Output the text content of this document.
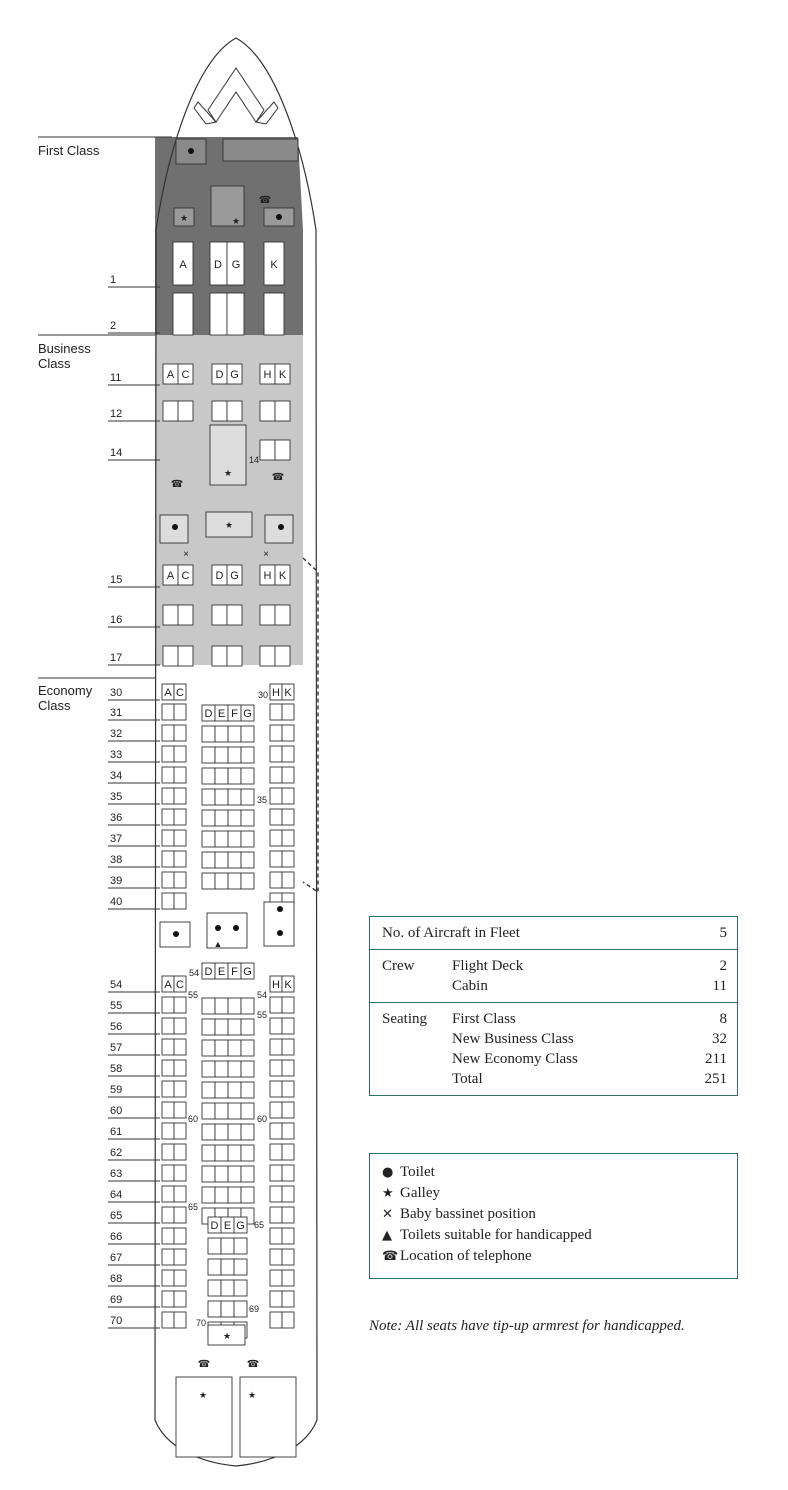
1
2
11
12
14
15
16
17
30
31
32
33
34
35
36
37
38
39
40
54
55
56
57
58
59
60
61
62
63
64
65
66
67
68
69
70
A D G	K
★
★
☎
A C D G H K
A C D G H K
★
★
☎
☎
×	×
14
A C	H K
D E F G
30
35
▲
D E F G
54
A C	H K
55	54
55
60	60
65
65
D E G
70
69
★
★	★
☎	☎
First Class
Business
Class
Economy
Class
No. of Aircraft in Fleet	5
Crew	Flight Deck	2
Cabin	11
Seating	First Class	8
New Business Class	32
New Economy Class	211
Total	251
● Toilet
★ Galley
✕ Baby bassinet position
▲ Toilets suitable for handicapped
☎ Location of telephone
Note: All seats have tip-up armrest for handicapped.
